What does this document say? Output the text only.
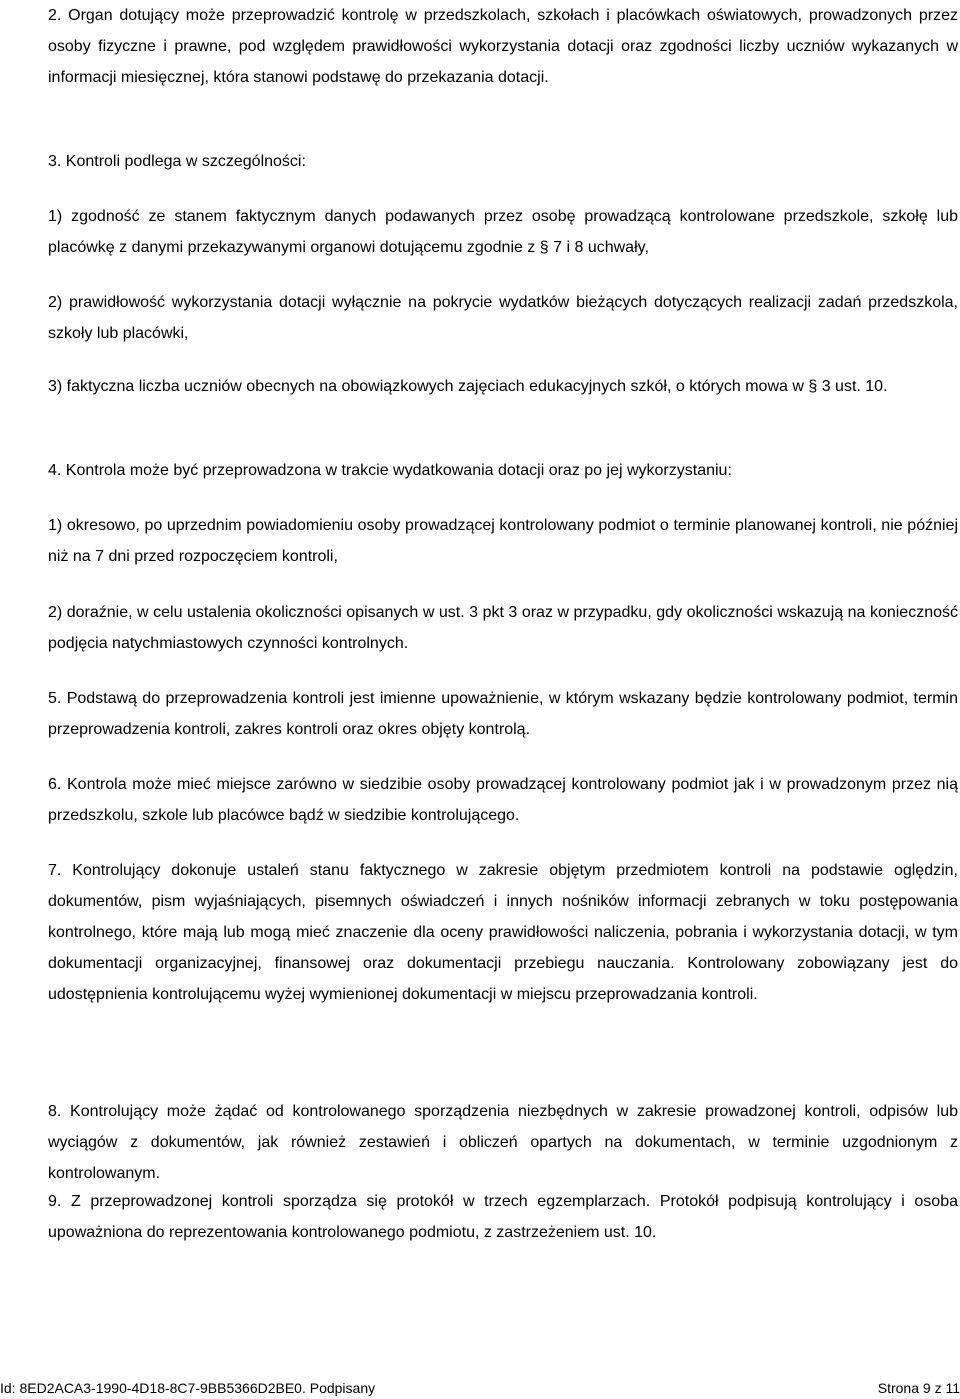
2. Organ dotujący może przeprowadzić kontrolę w przedszkolach, szkołach i placówkach oświatowych, prowadzonych przez osoby fizyczne i prawne, pod względem prawidłowości wykorzystania dotacji oraz zgodności liczby uczniów wykazanych w informacji miesięcznej, która stanowi podstawę do przekazania dotacji.
3. Kontroli podlega w szczególności:
1) zgodność ze stanem faktycznym danych podawanych przez osobę prowadzącą kontrolowane przedszkole, szkołę lub placówkę z danymi przekazywanymi organowi dotującemu zgodnie z § 7 i 8 uchwały,
2) prawidłowość wykorzystania dotacji wyłącznie na pokrycie wydatków bieżących dotyczących realizacji zadań przedszkola, szkoły lub placówki,
3) faktyczna liczba uczniów obecnych na obowiązkowych zajęciach edukacyjnych szkół, o których mowa w § 3 ust. 10.
4. Kontrola może być przeprowadzona w trakcie wydatkowania dotacji oraz po jej wykorzystaniu:
1) okresowo, po uprzednim powiadomieniu osoby prowadzącej kontrolowany podmiot o terminie planowanej kontroli, nie później niż na 7 dni przed rozpoczęciem kontroli,
2) doraźnie, w celu ustalenia okoliczności opisanych w ust. 3 pkt 3 oraz w przypadku, gdy okoliczności wskazują na konieczność podjęcia natychmiastowych czynności kontrolnych.
5. Podstawą do przeprowadzenia kontroli jest imienne upoważnienie, w którym wskazany będzie kontrolowany podmiot, termin przeprowadzenia kontroli, zakres kontroli oraz okres objęty kontrolą.
6. Kontrola może mieć miejsce zarówno w siedzibie osoby prowadzącej kontrolowany podmiot jak i w prowadzonym przez nią przedszkolu, szkole lub placówce bądź w siedzibie kontrolującego.
7. Kontrolujący dokonuje ustaleń stanu faktycznego w zakresie objętym przedmiotem kontroli na podstawie oględzin, dokumentów, pism wyjaśniających, pisemnych oświadczeń i innych nośników informacji zebranych w toku postępowania kontrolnego, które mają lub mogą mieć znaczenie dla oceny prawidłowości naliczenia, pobrania i wykorzystania dotacji, w tym dokumentacji organizacyjnej, finansowej oraz dokumentacji przebiegu nauczania. Kontrolowany zobowiązany jest do udostępnienia kontrolującemu wyżej wymienionej dokumentacji w miejscu przeprowadzania kontroli.
8. Kontrolujący może żądać od kontrolowanego sporządzenia niezbędnych w zakresie prowadzonej kontroli, odpisów lub wyciągów z dokumentów, jak również zestawień i obliczeń opartych na dokumentach, w terminie uzgodnionym z kontrolowanym.
9. Z przeprowadzonej kontroli sporządza się protokół w trzech egzemplarzach. Protokół podpisują kontrolujący i osoba upoważniona do reprezentowania kontrolowanego podmiotu, z zastrzeżeniem ust. 10.
Id: 8ED2ACA3-1990-4D18-8C7-9BB5366D2BE0. Podpisany	Strona 9 z 11
